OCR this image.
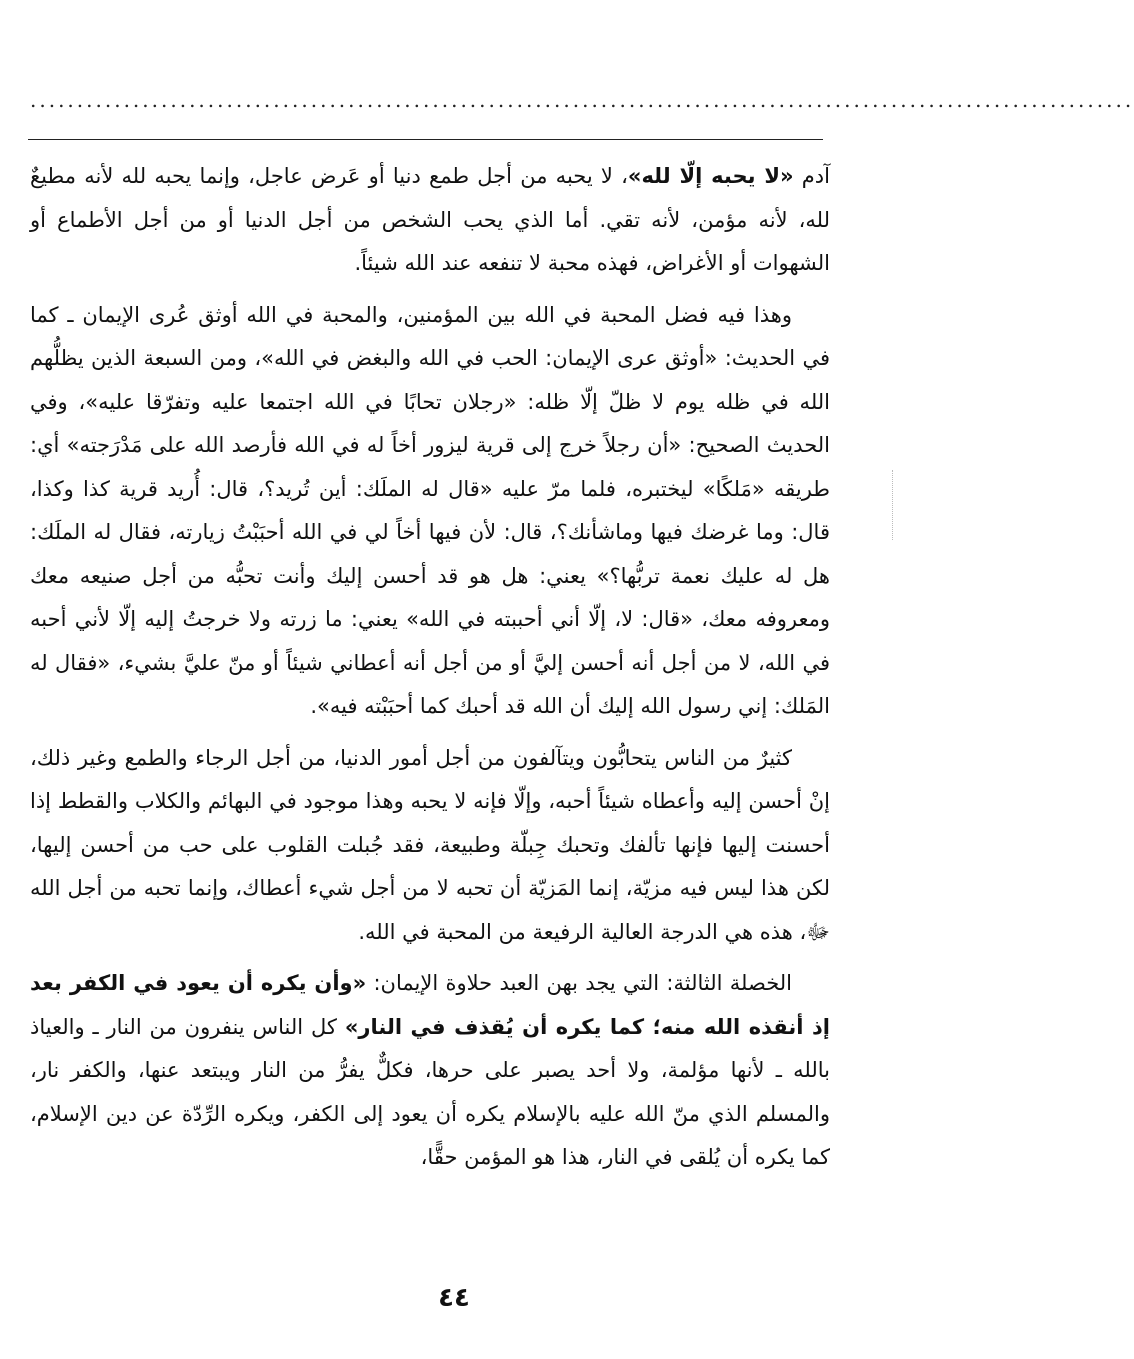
......................................................................................................................

آدم «لا يحبه إلّا لله»، لا يحبه من أجل طمع دنيا أو عَرض عاجل، وإنما يحبه لله لأنه مطيعٌ لله، لأنه مؤمن، لأنه تقي. أما الذي يحب الشخص من أجل الدنيا أو من أجل الأطماع أو الشهوات أو الأغراض، فهذه محبة لا تنفعه عند الله شيئاً.

وهذا فيه فضل المحبة في الله بين المؤمنين، والمحبة في الله أوثق عُرى الإيمان ـ كما في الحديث: «أوثق عرى الإيمان: الحب في الله والبغض في الله»، ومن السبعة الذين يظلُّهم الله في ظله يوم لا ظلّ إلّا ظله: «رجلان تحابًا في الله اجتمعا عليه وتفرّقا عليه»، وفي الحديث الصحيح: «أن رجلاً خرج إلى قرية ليزور أخاً له في الله فأرصد الله على مَدْرَجته» أي: طريقه «مَلكًا» ليختبره، فلما مرّ عليه «قال له الملَك: أين تُريد؟، قال: أُريد قرية كذا وكذا، قال: وما غرضك فيها وماشأنك؟، قال: لأن فيها أخاً لي في الله أحبَبْتُ زيارته، فقال له الملَك: هل له عليك نعمة تربُّها؟» يعني: هل هو قد أحسن إليك وأنت تحبُّه من أجل صنيعه معك ومعروفه معك، «قال: لا، إلّا أني أحببته في الله» يعني: ما زرته ولا خرجتُ إليه إلّا لأني أحبه في الله، لا من أجل أنه أحسن إليَّ أو من أجل أنه أعطاني شيئاً أو منّ عليَّ بشيء، «فقال له المَلك: إني رسول الله إليك أن الله قد أحبك كما أحبَبْته فيه».

كثيرٌ من الناس يتحابُّون ويتآلفون من أجل أمور الدنيا، من أجل الرجاء والطمع وغير ذلك، إنْ أحسن إليه وأعطاه شيئاً أحبه، وإلّا فإنه لا يحبه وهذا موجود في البهائم والكلاب والقطط إذا أحسنت إليها فإنها تألفك وتحبك جِبلّة وطبيعة، فقد جُبلت القلوب على حب من أحسن إليها، لكن هذا ليس فيه مزيّة، إنما المَزيّة أن تحبه لا من أجل شيء أعطاك، وإنما تحبه من أجل الله ﷻ، هذه هي الدرجة العالية الرفيعة من المحبة في الله.

الخصلة الثالثة: التي يجد بهن العبد حلاوة الإيمان: «وأن يكره أن يعود في الكفر بعد إذ أنقذه الله منه؛ كما يكره أن يُقذف في النار» كل الناس ينفرون من النار ـ والعياذ بالله ـ لأنها مؤلمة، ولا أحد يصبر على حرها، فكلٌّ يفرُّ من النار ويبتعد عنها، والكفر نار، والمسلم الذي منّ الله عليه بالإسلام يكره أن يعود إلى الكفر، ويكره الرِّدّة عن دين الإسلام، كما يكره أن يُلقى في النار، هذا هو المؤمن حقًّا،

٤٤
